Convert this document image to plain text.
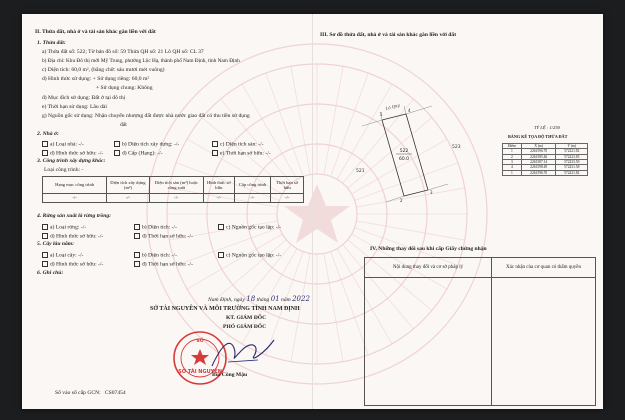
II. Thửa đất, nhà ở và tài sản khác gắn liền với đất
1. Thửa đất:
a) Thửa đất số: 522; Tờ bản đồ số: 59 Thửa QH số: 21 Lô QH số: CL 37
b) Địa chỉ: Khu Đô thị mới Mỹ Trung, phường Lộc Hạ, thành phố Nam Định, tỉnh Nam Định
c) Diện tích: 60,0 m², (bằng chữ: sáu mươi mét vuông)
d) Hình thức sử dụng: + Sử dụng riêng: 60,0 m²
+ Sử dụng chung: Không
đ) Mục đích sử dụng: Đất ở tại đô thị
e) Thời hạn sử dụng: Lâu dài
g) Nguồn gốc sử dụng: Nhận chuyển nhượng đất được nhà nước giao đất có thu tiền sử dụng
đất
2. Nhà ở:
a) Loại nhà: -/-	b) Diện tích xây dựng: -/-	c) Diện tích sàn: -/-
d) Hình thức sở hữu: -/-	đ) Cấp (Hạng): -/-	e) Thời hạn sở hữu: -/-
3. Công trình xây dựng khác:
Loại công trình: -
Hạng mục công trình	Diện tích xây dựng (m²)	Diện tích sàn (m²) hoặc công suất	Hình thức sở hữu	Cấp công trình	Thời hạn sở hữu
-/-	-/-	-/-	-/-	-/-	-/-
4. Rừng sản xuất là rừng trồng:
a) Loại rừng: -/-	b) Diện tích: -/-	c) Nguồn gốc tạo lập: -/-
d) Hình thức sở hữu: -/-	đ) Thời hạn sở hữu: -/-
5. Cây lâu năm:
a) Loại cây: -/-	b) Diện tích: -/-	c) Nguồn gốc tạo lập: -/-
d) Hình thức sở hữu: -/-	đ) Thời hạn sở hữu: -/-
6. Ghi chú:
Nam Định, ngày 18 tháng 01 năm 2022
SỞ TÀI NGUYÊN VÀ MÔI TRƯỜNG TỈNH NAM ĐỊNH
KT. GIÁM ĐỐC
PHÓ GIÁM ĐỐC
SỞ TÀI NGUYÊN
SỐ
Bùi Công Mậu
Số vào sổ cấp GCN: CS07454
III. Sơ đồ thửa đất, nhà ở và tài sản khác gắn liền với đất
1
4
2
3
522
60.0
Lô Quy
523
521
TỶ LỆ : 1/250
BẢNG KÊ TỌA ĐỘ THỬA ĐẤT
Điểm	X (m)	Y (m)
1	2261596.70	572221.82
2	2261585.46	572223.83
3	2261587.14	572233.59
4	2261598.49	572231.58
1	2261596.70	572221.82
IV. Những thay đổi sau khi cấp Giấy chứng nhận
Nội dung thay đổi và cơ sở pháp lý	Xác nhận của cơ quan có thẩm quyền
